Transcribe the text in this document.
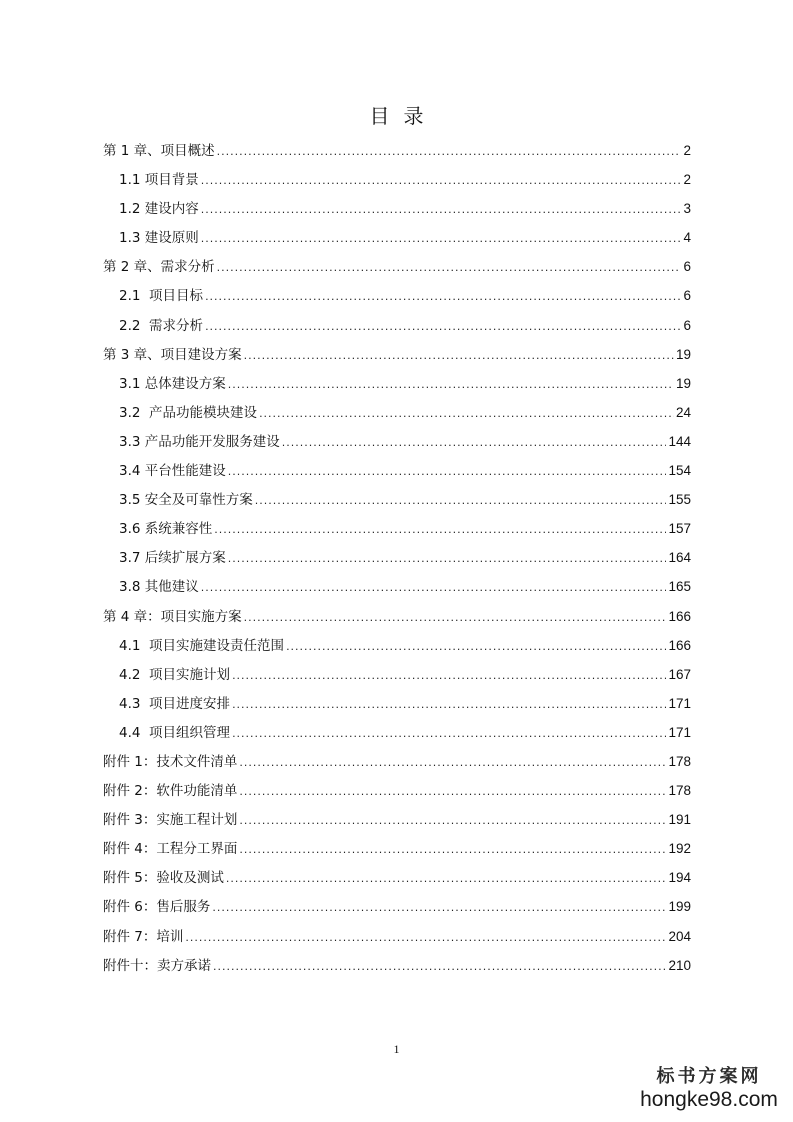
目录
第 1 章、项目概述 .....	2
1.1 项目背景 .....	2
1.2 建设内容 .....	3
1.3 建设原则 .....	4
第 2 章、需求分析 .....	6
2.1  项目目标 .....	6
2.2  需求分析 .....	6
第 3 章、项目建设方案 .....	19
3.1 总体建设方案 .....	19
3.2  产品功能模块建设 .....	24
3.3 产品功能开发服务建设 .....	144
3.4 平台性能建设 .....	154
3.5 安全及可靠性方案 .....	155
3.6 系统兼容性 .....	157
3.7 后续扩展方案 .....	164
3.8 其他建议 .....	165
第 4 章：项目实施方案 .....	166
4.1  项目实施建设责任范围 .....	166
4.2  项目实施计划 .....	167
4.3  项目进度安排 .....	171
4.4  项目组织管理 .....	171
附件 1：技术文件清单 .....	178
附件 2：软件功能清单 .....	178
附件 3：实施工程计划 .....	191
附件 4：工程分工界面 .....	192
附件 5：验收及测试 .....	194
附件 6：售后服务 .....	199
附件 7：培训 .....	204
附件十：卖方承诺 .....	210
1
标书方案网
hongke98.com
